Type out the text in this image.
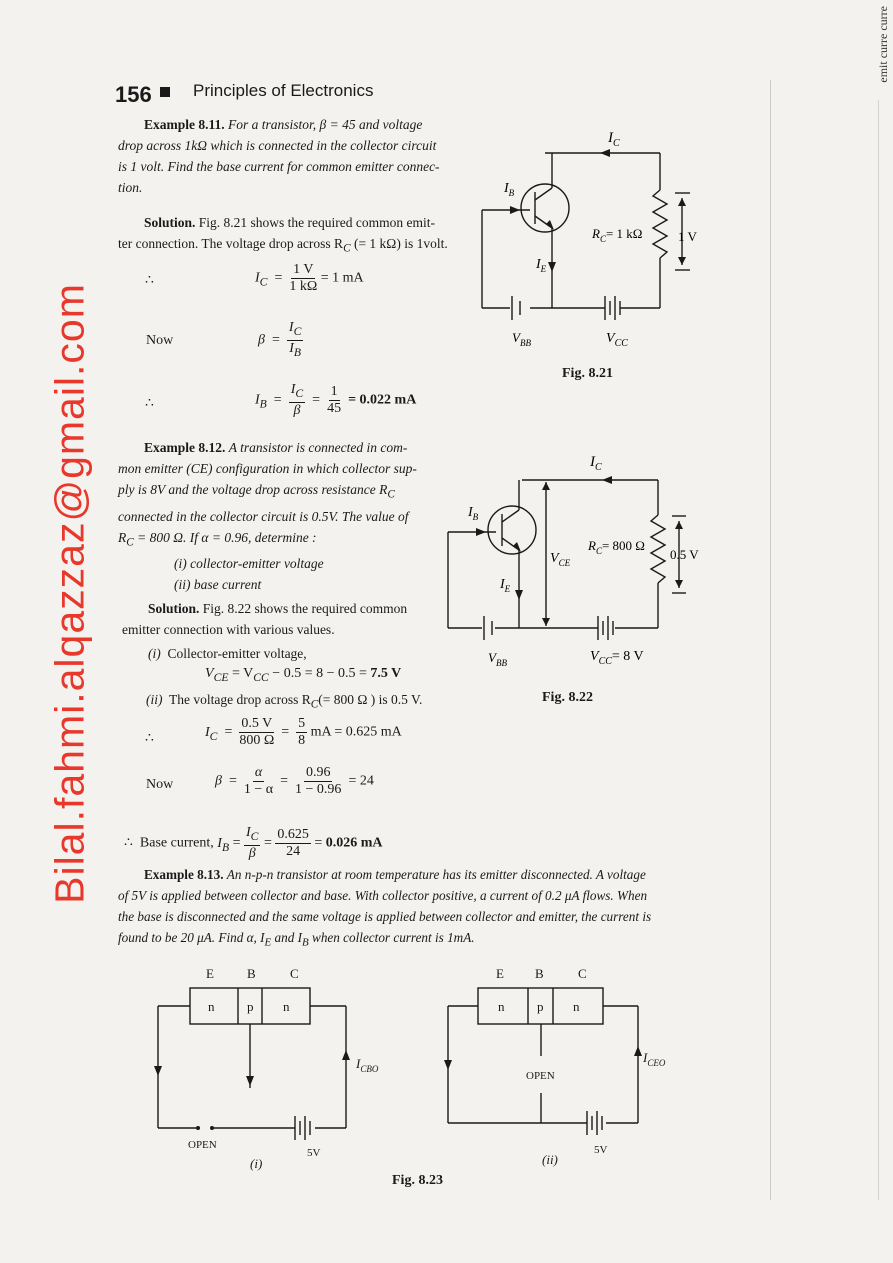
emit curre curre
156 Principles of Electronics
Bilal.fahmi.alqazzaz@gmail.com
Example 8.11. For a transistor, β = 45 and voltage
drop across 1kΩ which is connected in the collector circuit
is 1 volt. Find the base current for common emitter connec-
tion.
Solution. Fig. 8.21 shows the required common emit-
ter connection. The voltage drop across $R_C$ (= 1 kΩ) is 1volt.
∴	$I_C = \frac{1 V}{1 k\Omega} = 1$ mA
Now	$\beta = \frac{I_C}{I_B}$
∴	$I_B = \frac{I_C}{\beta} = \frac{1}{45} = 0.022$ mA
$I_C$
$I_B$
$I_E$
$R_C= 1$ kΩ	1 V
$V_{BB}$	$V_{CC}$
Fig. 8.21
Example 8.12. A transistor is connected in com-
mon emitter (CE) configuration in which collector sup-
ply is 8V and the voltage drop across resistance $R_C$
connected in the collector circuit is 0.5V. The value of
$R_C = 800$ Ω. If α = 0.96, determine :
(i) collector-emitter voltage
(ii) base current
Solution. Fig. 8.22 shows the required common
emitter connection with various values.
(i) Collector-emitter voltage,
$V_{CE} = V_{CC} - 0.5 = 8 - 0.5 = 7.5$ V
(ii) The voltage drop across $R_C(= 800$ Ω ) is 0.5 V.
∴	$I_C = \frac{0.5 V}{800 \Omega} = \frac{5}{8}$ mA = 0.625 mA
Now	$\beta = \frac{\alpha}{1 - \alpha} = \frac{0.96}{1 - 0.96} = 24$
∴ Base current, $I_B = \frac{I_C}{\beta} = \frac{0.625}{24} = 0.026$ mA
$I_C$
$I_B$
$I_E$
$V_{CE}$
$R_C= 800$ Ω
0.5 V
$V_{BB}$	$V_{CC}= 8$ V
Fig. 8.22
Example 8.13. An n-p-n transistor at room temperature has its emitter disconnected. A voltage
of 5V is applied between collector and base. With collector positive, a current of 0.2 μA flows. When
the base is disconnected and the same voltage is applied between collector and emitter, the current is
found to be 20 μA. Find α, $I_E$ and $I_B$ when collector current is 1mA.
E	B	C	E B	C
n	p n	n	p n
$I_{CBO}$
$I_{CEO}$
(i)	(ii)
OPEN
5V
OPEN
5V
Fig. 8.23
